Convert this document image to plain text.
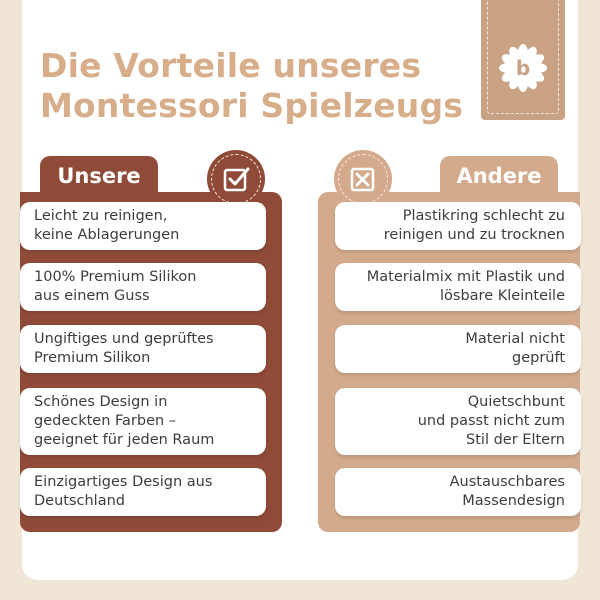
Die Vorteile unseres
Montessori Spielzeugs
b
Unsere
Leicht zu reinigen,
keine Ablagerungen
100% Premium Silikon
aus einem Guss
Ungiftiges und geprüftes
Premium Silikon
Schönes Design in
gedeckten Farben –
geeignet für jeden Raum
Einzigartiges Design aus
Deutschland
Andere
Plastikring schlecht zu
reinigen und zu trocknen
Materialmix mit Plastik und
lösbare Kleinteile
Material nicht
geprüft
Quietschbunt
und passt nicht zum
Stil der Eltern
Austauschbares
Massendesign
